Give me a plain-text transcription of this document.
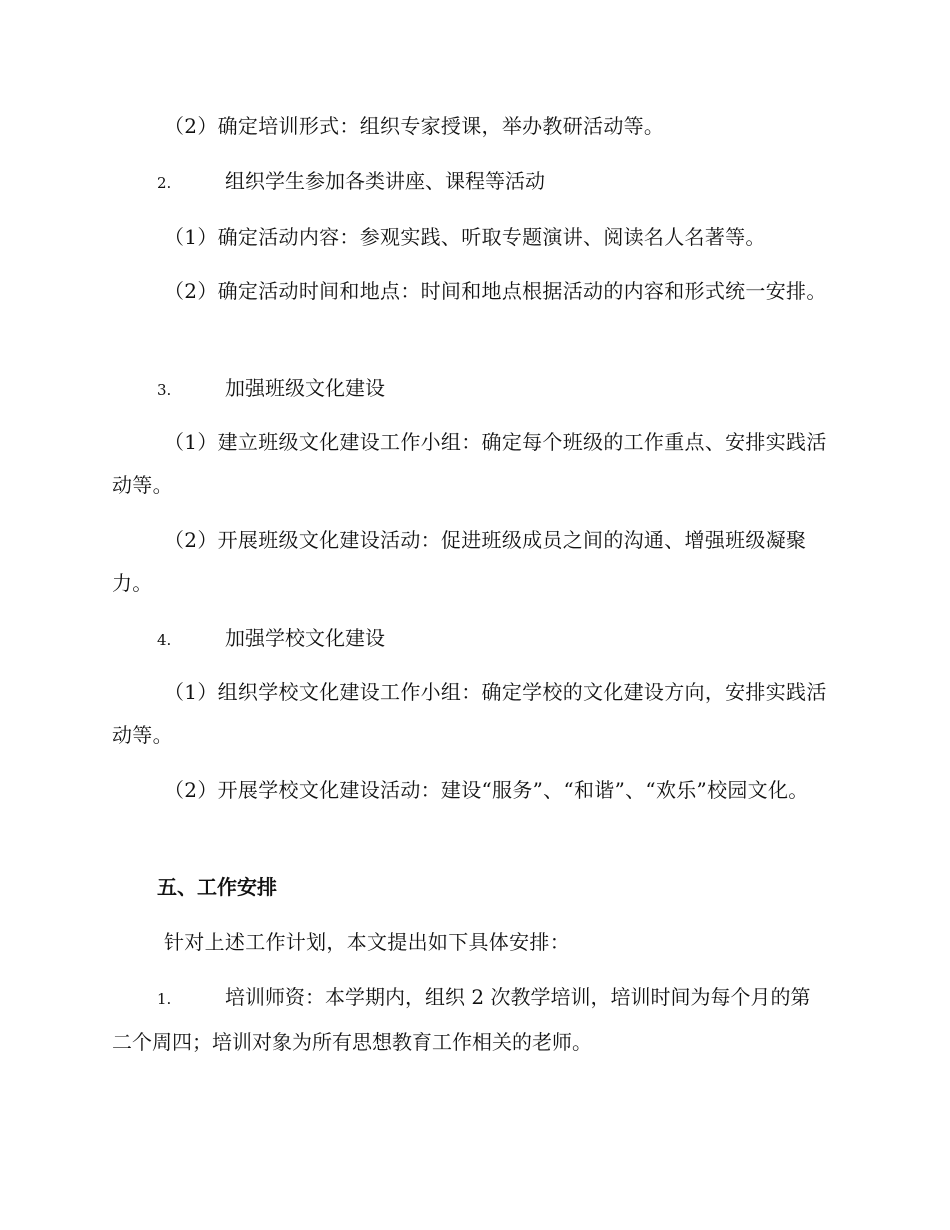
（2）确定培训形式：组织专家授课，举办教研活动等。

2.	组织学生参加各类讲座、课程等活动

（1）确定活动内容：参观实践、听取专题演讲、阅读名人名著等。

（2）确定活动时间和地点：时间和地点根据活动的内容和形式统一安排。

3.	加强班级文化建设

（1）建立班级文化建设工作小组：确定每个班级的工作重点、安排实践活动等。

（2）开展班级文化建设活动：促进班级成员之间的沟通、增强班级凝聚力。

4.	加强学校文化建设

（1）组织学校文化建设工作小组：确定学校的文化建设方向，安排实践活动等。

（2）开展学校文化建设活动：建设“服务”、“和谐”、“欢乐”校园文化。

五、工作安排

针对上述工作计划，本文提出如下具体安排：

1.	培训师资：本学期内，组织 2 次教学培训，培训时间为每个月的第二个周四；培训对象为所有思想教育工作相关的老师。
